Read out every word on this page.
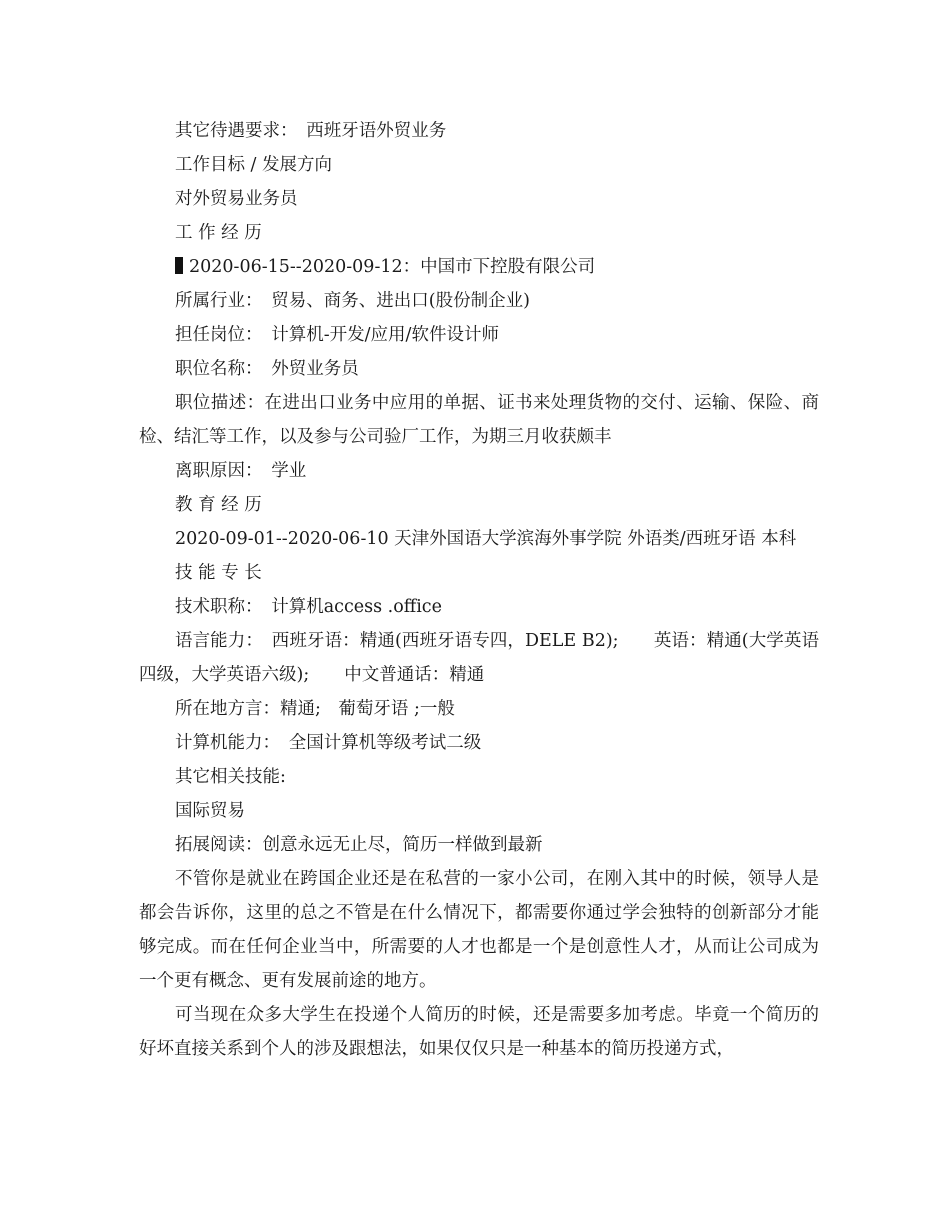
其它待遇要求：　西班牙语外贸业务
工作目标 / 发展方向
对外贸易业务员
工 作 经 历
2020-06-15--2020-09-12：中国市下控股有限公司
所属行业：　贸易、商务、进出口(股份制企业)
担任岗位：　计算机-开发/应用/软件设计师
职位名称：　外贸业务员
职位描述：在进出口业务中应用的单据、证书来处理货物的交付、运输、保险、商检、结汇等工作，以及参与公司验厂工作，为期三月收获颇丰
离职原因：　学业
教 育 经 历
2020-09-01--2020-06-10 天津外国语大学滨海外事学院 外语类/西班牙语 本科
技 能 专 长
技术职称：　计算机access .office
语言能力：　西班牙语：精通(西班牙语专四，DELE B2);　　英语：精通(大学英语四级，大学英语六级);　　中文普通话：精通
所在地方言：精通;　葡萄牙语 ;一般
计算机能力：　全国计算机等级考试二级
其它相关技能:
国际贸易
拓展阅读：创意永远无止尽，简历一样做到最新
不管你是就业在跨国企业还是在私营的一家小公司，在刚入其中的时候，领导人是都会告诉你，这里的总之不管是在什么情况下，都需要你通过学会独特的创新部分才能够完成。而在任何企业当中，所需要的人才也都是一个是创意性人才，从而让公司成为一个更有概念、更有发展前途的地方。
可当现在众多大学生在投递个人简历的时候，还是需要多加考虑。毕竟一个简历的好坏直接关系到个人的涉及跟想法，如果仅仅只是一种基本的简历投递方式，
